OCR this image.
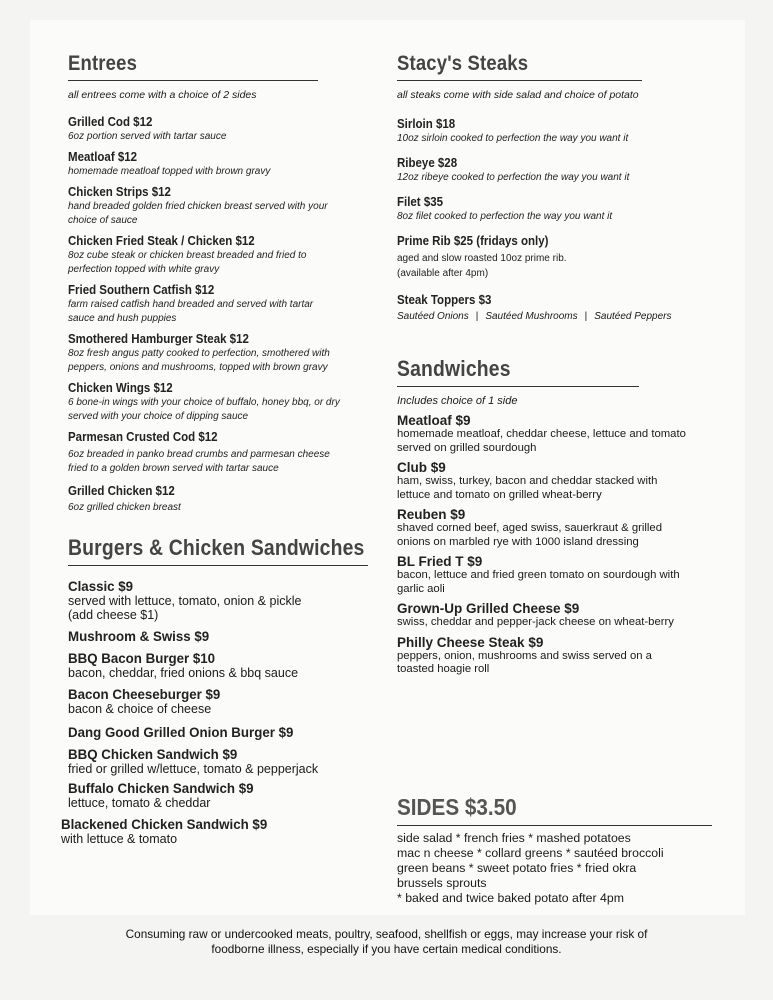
Entrees
all entrees come with a choice of 2 sides
Grilled Cod $12
6oz portion served with tartar sauce
Meatloaf $12
homemade meatloaf topped with brown gravy
Chicken Strips $12
hand breaded golden fried chicken breast served with your choice of sauce
Chicken Fried Steak / Chicken $12
8oz cube steak or chicken breast breaded and fried to perfection topped with white gravy
Fried Southern Catfish $12
farm raised catfish hand breaded and served with tartar sauce and hush puppies
Smothered Hamburger Steak $12
8oz fresh angus patty cooked to perfection, smothered with peppers, onions and mushrooms, topped with brown gravy
Chicken Wings $12
6 bone-in wings with your choice of buffalo, honey bbq, or dry served with your choice of dipping sauce
Parmesan Crusted Cod $12
6oz breaded in panko bread crumbs and parmesan cheese fried to a golden brown served with tartar sauce
Grilled Chicken $12
6oz grilled chicken breast
Burgers & Chicken Sandwiches
Classic $9
served with lettuce, tomato, onion & pickle
(add cheese $1)
Mushroom & Swiss $9
BBQ Bacon Burger $10
bacon, cheddar, fried onions & bbq sauce
Bacon Cheeseburger $9
bacon & choice of cheese
Dang Good Grilled Onion Burger $9
BBQ Chicken Sandwich $9
fried or grilled w/lettuce, tomato & pepperjack
Buffalo Chicken Sandwich $9
lettuce, tomato & cheddar
Blackened Chicken Sandwich $9
with lettuce & tomato
Stacy's Steaks
all steaks come with side salad and choice of potato
Sirloin $18
10oz sirloin cooked to perfection the way you want it
Ribeye $28
12oz ribeye cooked to perfection the way you want it
Filet $35
8oz filet cooked to perfection the way you want it
Prime Rib $25 (fridays only)
aged and slow roasted 10oz prime rib.
(available after 4pm)
Steak Toppers $3
Sautéed Onions | Sautéed Mushrooms | Sautéed Peppers
Sandwiches
Includes choice of 1 side
Meatloaf $9
homemade meatloaf, cheddar cheese, lettuce and tomato served on grilled sourdough
Club $9
ham, swiss, turkey, bacon and cheddar stacked with lettuce and tomato on grilled wheat-berry
Reuben $9
shaved corned beef, aged swiss, sauerkraut & grilled onions on marbled rye with 1000 island dressing
BL Fried T $9
bacon, lettuce and fried green tomato on sourdough with garlic aoli
Grown-Up Grilled Cheese $9
swiss, cheddar and pepper-jack cheese on wheat-berry
Philly Cheese Steak $9
peppers, onion, mushrooms and swiss served on a toasted hoagie roll
SIDES $3.50
side salad * french fries * mashed potatoes
mac n cheese * collard greens * sautéed broccoli
green beans * sweet potato fries * fried okra
brussels sprouts
* baked and twice baked potato after 4pm
Consuming raw or undercooked meats, poultry, seafood, shellfish or eggs, may increase your risk of
foodborne illness, especially if you have certain medical conditions.
